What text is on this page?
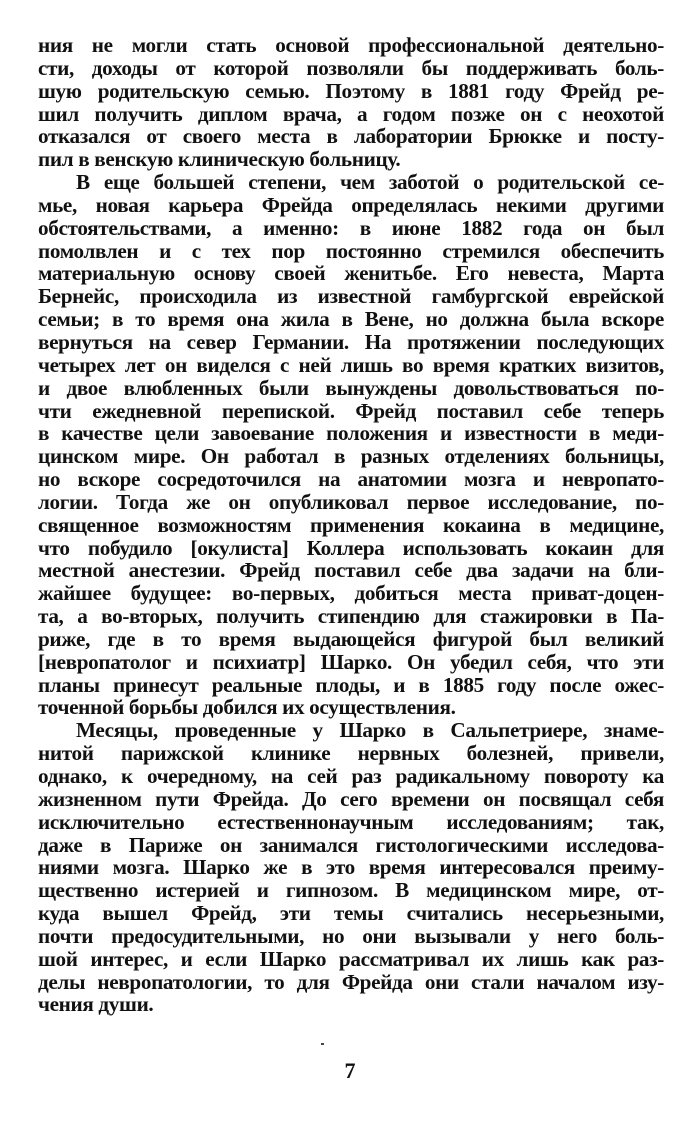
ния не могли стать основой профессиональной деятельно-
сти, доходы от которой позволяли бы поддерживать боль-
шую родительскую семью. Поэтому в 1881 году Фрейд ре-
шил получить диплом врача, а годом позже он с неохотой
отказался от своего места в лаборатории Брюкке и посту-
пил в венскую клиническую больницу.
В еще большей степени, чем заботой о родительской се-
мье, новая карьера Фрейда определялась некими другими
обстоятельствами, а именно: в июне 1882 года он был
помолвлен и с тех пор постоянно стремился обеспечить
материальную основу своей женитьбе. Его невеста, Марта
Бернейс, происходила из известной гамбургской еврейской
семьи; в то время она жила в Вене, но должна была вскоре
вернуться на север Германии. На протяжении последующих
четырех лет он виделся с ней лишь во время кратких визитов,
и двое влюбленных были вынуждены довольствоваться по-
чти ежедневной перепиской. Фрейд поставил себе теперь
в качестве цели завоевание положения и известности в меди-
цинском мире. Он работал в разных отделениях больницы,
но вскоре сосредоточился на анатомии мозга и невропато-
логии. Тогда же он опубликовал первое исследование, по-
священное возможностям применения кокаина в медицине,
что побудило [окулиста] Коллера использовать кокаин для
местной анестезии. Фрейд поставил себе два задачи на бли-
жайшее будущее: во-первых, добиться места приват-доцен-
та, а во-вторых, получить стипендию для стажировки в Па-
риже, где в то время выдающейся фигурой был великий
[невропатолог и психиатр] Шарко. Он убедил себя, что эти
планы принесут реальные плоды, и в 1885 году после ожес-
точенной борьбы добился их осуществления.
Месяцы, проведенные у Шарко в Сальпетриере, знаме-
нитой парижской клинике нервных болезней, привели,
однако, к очередному, на сей раз радикальному повороту ка
жизненном пути Фрейда. До сего времени он посвящал себя
исключительно естественнонаучным исследованиям; так,
даже в Париже он занимался гистологическими исследова-
ниями мозга. Шарко же в это время интересовался преиму-
щественно истерией и гипнозом. В медицинском мире, от-
куда вышел Фрейд, эти темы считались несерьезными,
почти предосудительными, но они вызывали у него боль-
шой интерес, и если Шарко рассматривал их лишь как раз-
делы невропатологии, то для Фрейда они стали началом изу-
чения души.
7
